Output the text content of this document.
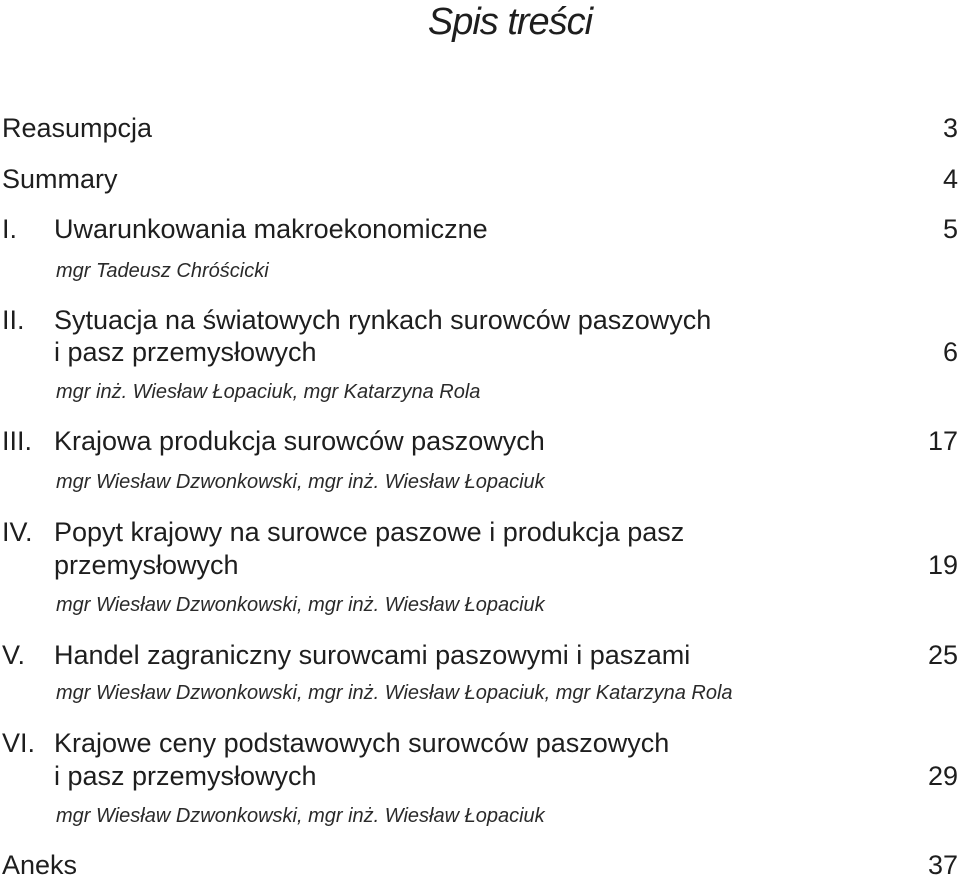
Spis treści
Reasumpcja	3
Summary	4
I. Uwarunkowania makroekonomiczne	5
mgr Tadeusz Chróścicki
II. Sytuacja na światowych rynkach surowców paszowych
i pasz przemysłowych	6
mgr inż. Wiesław Łopaciuk, mgr Katarzyna Rola
III. Krajowa produkcja surowców paszowych	17
mgr Wiesław Dzwonkowski, mgr inż. Wiesław Łopaciuk
IV. Popyt krajowy na surowce paszowe i produkcja pasz
przemysłowych	19
mgr Wiesław Dzwonkowski, mgr inż. Wiesław Łopaciuk
V. Handel zagraniczny surowcami paszowymi i paszami	25
mgr Wiesław Dzwonkowski, mgr inż. Wiesław Łopaciuk, mgr Katarzyna Rola
VI. Krajowe ceny podstawowych surowców paszowych
i pasz przemysłowych	29
mgr Wiesław Dzwonkowski, mgr inż. Wiesław Łopaciuk
Aneks	37
